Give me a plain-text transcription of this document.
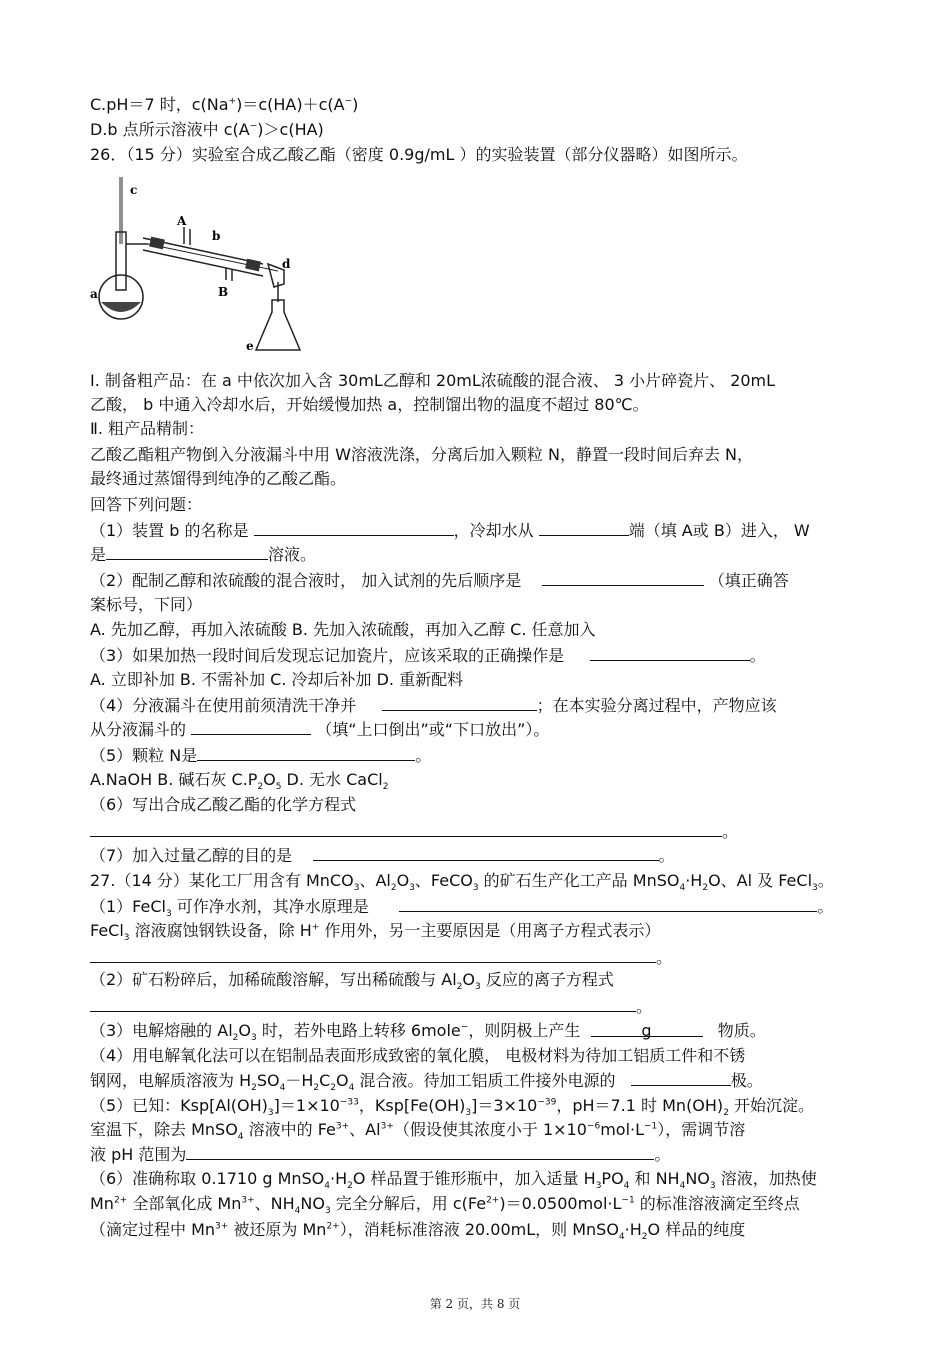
C.pH＝7 时，c(Na+)＝c(HA)＋c(A−)
D.b 点所示溶液中 c(A−)＞c(HA)
26．（15 分）实验室合成乙酸乙酯（密度 0.9g/mL ）的实验装置（部分仪器略）如图所示。
c
A
b
B
d
a
e
Ⅰ. 制备粗产品：在 a 中依次加入含 30mL乙醇和 20mL浓硫酸的混合液、 3 小片碎瓷片、 20mL
乙酸， b 中通入冷却水后，开始缓慢加热 a，控制馏出物的温度不超过 80℃。
Ⅱ. 粗产品精制：
乙酸乙酯粗产物倒入分液漏斗中用 W溶液洗涤，分离后加入颗粒 N，静置一段时间后弃去 N，
最终通过蒸馏得到纯净的乙酸乙酯。
回答下列问题：
（1）装置 b 的名称是	，冷却水从	端（填 A或 B）进入， W
是	溶液。
（2）配制乙醇和浓硫酸的混合液时， 加入试剂的先后顺序是	（填正确答
案标号，下同）
A. 先加乙醇，再加入浓硫酸 B. 先加入浓硫酸，再加入乙醇 C. 任意加入
（3）如果加热一段时间后发现忘记加瓷片，应该采取的正确操作是	。
A. 立即补加 B. 不需补加 C. 冷却后补加 D. 重新配料
（4）分液漏斗在使用前须清洗干净并	；在本实验分离过程中，产物应该
从分液漏斗的	（填“上口倒出”或“下口放出”）。
（5）颗粒 N是	。
A.NaOH B. 碱石灰 $C.P_2O_5$ D. 无水 CaCl$_2$
（6）写出合成乙酸乙酯的化学方程式
。
（7）加入过量乙醇的目的是	。
27.（14 分）某化工厂用含有 MnCO$_3$、$Al_2O_3$、FeCO$_3$ 的矿石生产化工产品 $MnSO_4\cdot H_2O$、Al 及 FeCl$_3$。
（1）FeCl$_3$ 可作净水剂，其净水原理是	。
FeCl$_3$ 溶液腐蚀钢铁设备，除 H+ 作用外，另一主要原因是（用离子方程式表示）
。
（2）矿石粉碎后，加稀硫酸溶解，写出稀硫酸与 $Al_2O_3$ 反应的离子方程式
。
（3）电解熔融的 $Al_2O_3$ 时，若外电路上转移 6mole−，则阴极上产生	g	物质。
（4）用电解氧化法可以在铝制品表面形成致密的氧化膜， 电极材料为待加工铝质工件和不锈
钢网，电解质溶液为 $H_2SO_4-H_2C_2O_4$ 混合液。待加工铝质工件接外电源的	极。
（5）已知：$Ksp[Al(OH)_3]=1\times 10^{-33}$，$Ksp[Fe(OH)_3]=3\times 10^{-39}$，pH＝7.1 时 $Mn(OH)_2$ 开始沉淀。
室温下，除去 MnSO$_4$ 溶液中的 $Fe^{3+}$、$Al^{3+}$（假设使其浓度小于 $1\times 10^{-6}mol\cdot L^{-1}$），需调节溶
液 pH 范围为	。
（6）准确称取 0.1710 g $MnSO_4\cdot H_2O$ 样品置于锥形瓶中，加入适量 $H_3PO_4$ 和 $NH_4NO_3$ 溶液，加热使
$Mn^{2+}$ 全部氧化成 $Mn^{3+}$、$NH_4NO_3$ 完全分解后，用 $c(Fe^{2+})=0.0500mol\cdot L^{-1}$ 的标准溶液滴定至终点
（滴定过程中 $Mn^{3+}$ 被还原为 $Mn^{2+}$），消耗标准溶液 20.00mL，则 $MnSO_4\cdot H_2O$ 样品的纯度
第 2 页，共 8 页
